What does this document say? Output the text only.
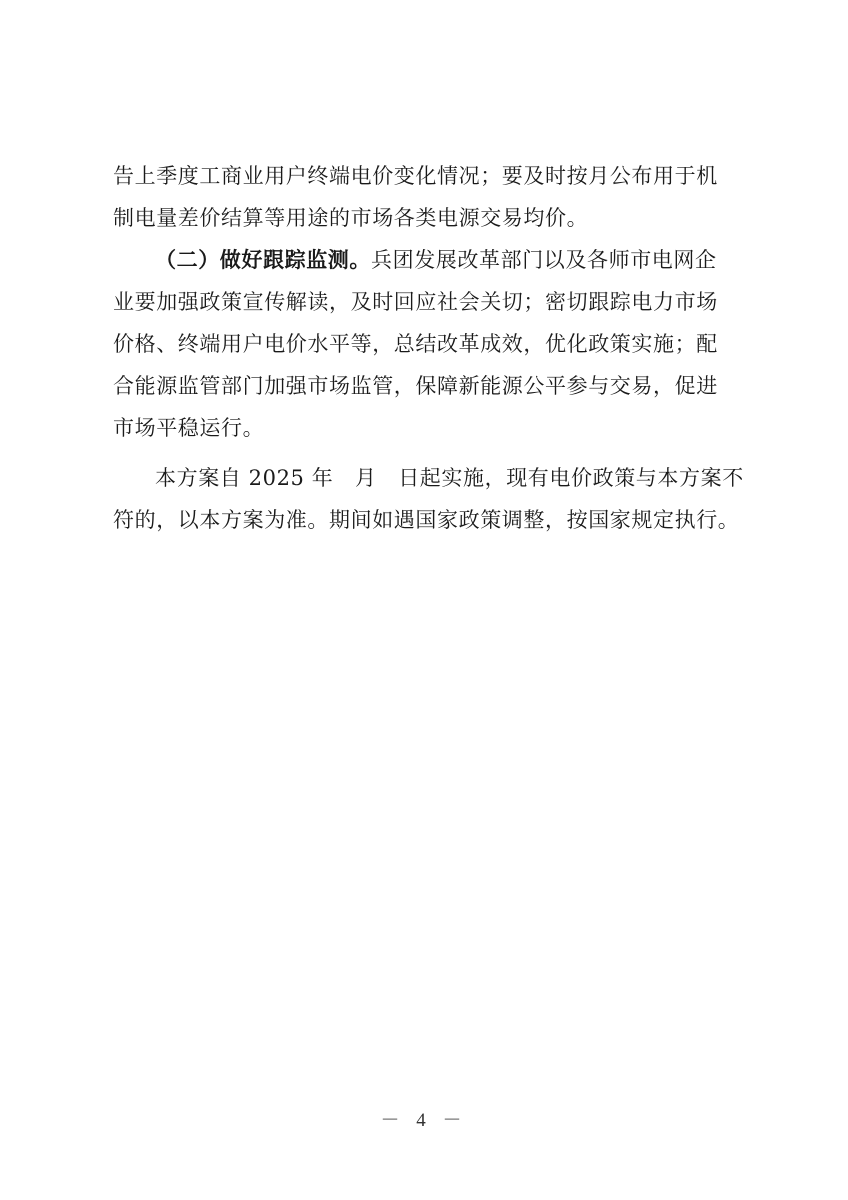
告上季度工商业用户终端电价变化情况；要及时按月公布用于机
制电量差价结算等用途的市场各类电源交易均价。
（二）做好跟踪监测。兵团发展改革部门以及各师市电网企
业要加强政策宣传解读，及时回应社会关切；密切跟踪电力市场
价格、终端用户电价水平等，总结改革成效，优化政策实施；配
合能源监管部门加强市场监管，保障新能源公平参与交易，促进
市场平稳运行。
本方案自 2025 年　月　日起实施，现有电价政策与本方案不
符的，以本方案为准。期间如遇国家政策调整，按国家规定执行。
－ 4 －
